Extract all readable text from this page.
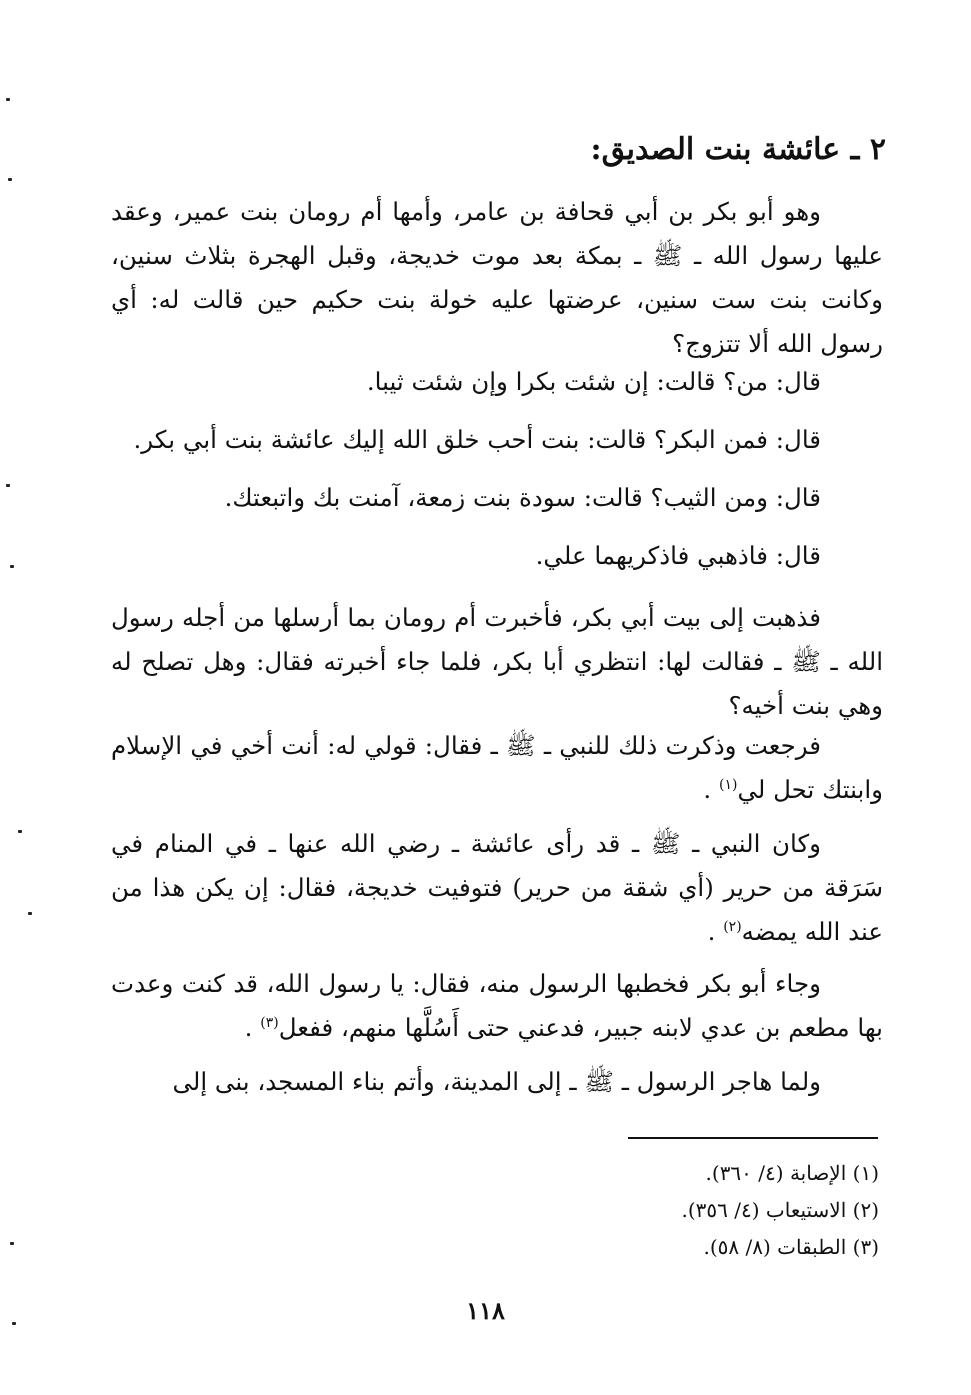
٢ ـ عائشة بنت الصديق:

وهو أبو بكر بن أبي قحافة بن عامر، وأمها أم رومان بنت عمير، وعقد عليها رسول الله ـ ﷺ ـ بمكة بعد موت خديجة، وقبل الهجرة بثلاث سنين، وكانت بنت ست سنين، عرضتها عليه خولة بنت حكيم حين قالت له: أي رسول الله ألا تتزوج؟

قال: من؟ قالت: إن شئت بكرا وإن شئت ثيبا.
قال: فمن البكر؟ قالت: بنت أحب خلق الله إليك عائشة بنت أبي بكر.
قال: ومن الثيب؟ قالت: سودة بنت زمعة، آمنت بك واتبعتك.
قال: فاذهبي فاذكريهما علي.

فذهبت إلى بيت أبي بكر، فأخبرت أم رومان بما أرسلها من أجله رسول الله ـ ﷺ ـ فقالت لها: انتظري أبا بكر، فلما جاء أخبرته فقال: وهل تصلح له وهي بنت أخيه؟

فرجعت وذكرت ذلك للنبي ـ ﷺ ـ فقال: قولي له: أنت أخي في الإسلام وابنتك تحل لي$^{(١)}$ .

وكان النبي ـ ﷺ ـ قد رأى عائشة ـ رضي الله عنها ـ في المنام في سَرَقة من حرير (أي شقة من حرير) فتوفيت خديجة، فقال: إن يكن هذا من عند الله يمضه$^{(٢)}$ .

وجاء أبو بكر فخطبها الرسول منه، فقال: يا رسول الله، قد كنت وعدت بها مطعم بن عدي لابنه جبير، فدعني حتى أَسُلَّها منهم، ففعل$^{(٣)}$ .

ولما هاجر الرسول ـ ﷺ ـ إلى المدينة، وأتم بناء المسجد، بنى إلى

(١) الإصابة (٤/ ٣٦٠).
(٢) الاستيعاب (٤/ ٣٥٦).
(٣) الطبقات (٨/ ٥٨).
١١٨
